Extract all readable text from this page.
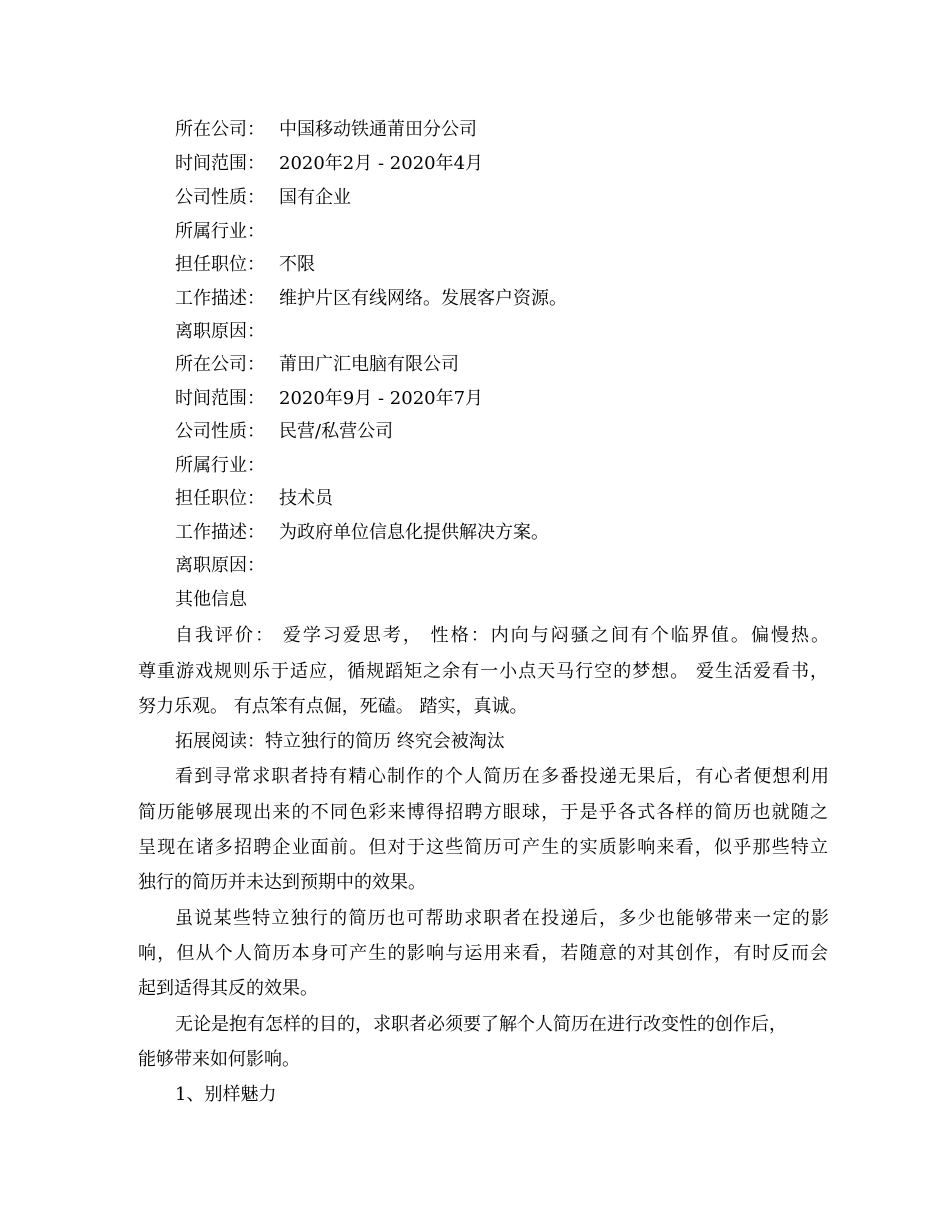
所在公司： 中国移动铁通莆田分公司
时间范围： 2020年2月 - 2020年4月
公司性质： 国有企业
所属行业：
担任职位： 不限
工作描述： 维护片区有线网络。发展客户资源。
离职原因：
所在公司： 莆田广汇电脑有限公司
时间范围： 2020年9月 - 2020年7月
公司性质： 民营/私营公司
所属行业：
担任职位： 技术员
工作描述： 为政府单位信息化提供解决方案。
离职原因：
其他信息
自我评价： 爱学习爱思考， 性格：内向与闷骚之间有个临界值。偏慢热。
尊重游戏规则乐于适应，循规蹈矩之余有一小点天马行空的梦想。 爱生活爱看书，
努力乐观。 有点笨有点倔，死磕。 踏实，真诚。
拓展阅读：特立独行的简历 终究会被淘汰
看到寻常求职者持有精心制作的个人简历在多番投递无果后，有心者便想利用
简历能够展现出来的不同色彩来博得招聘方眼球，于是乎各式各样的简历也就随之
呈现在诸多招聘企业面前。但对于这些简历可产生的实质影响来看，似乎那些特立
独行的简历并未达到预期中的效果。
虽说某些特立独行的简历也可帮助求职者在投递后，多少也能够带来一定的影
响，但从个人简历本身可产生的影响与运用来看，若随意的对其创作，有时反而会
起到适得其反的效果。
无论是抱有怎样的目的，求职者必须要了解个人简历在进行改变性的创作后，
能够带来如何影响。
1、别样魅力
